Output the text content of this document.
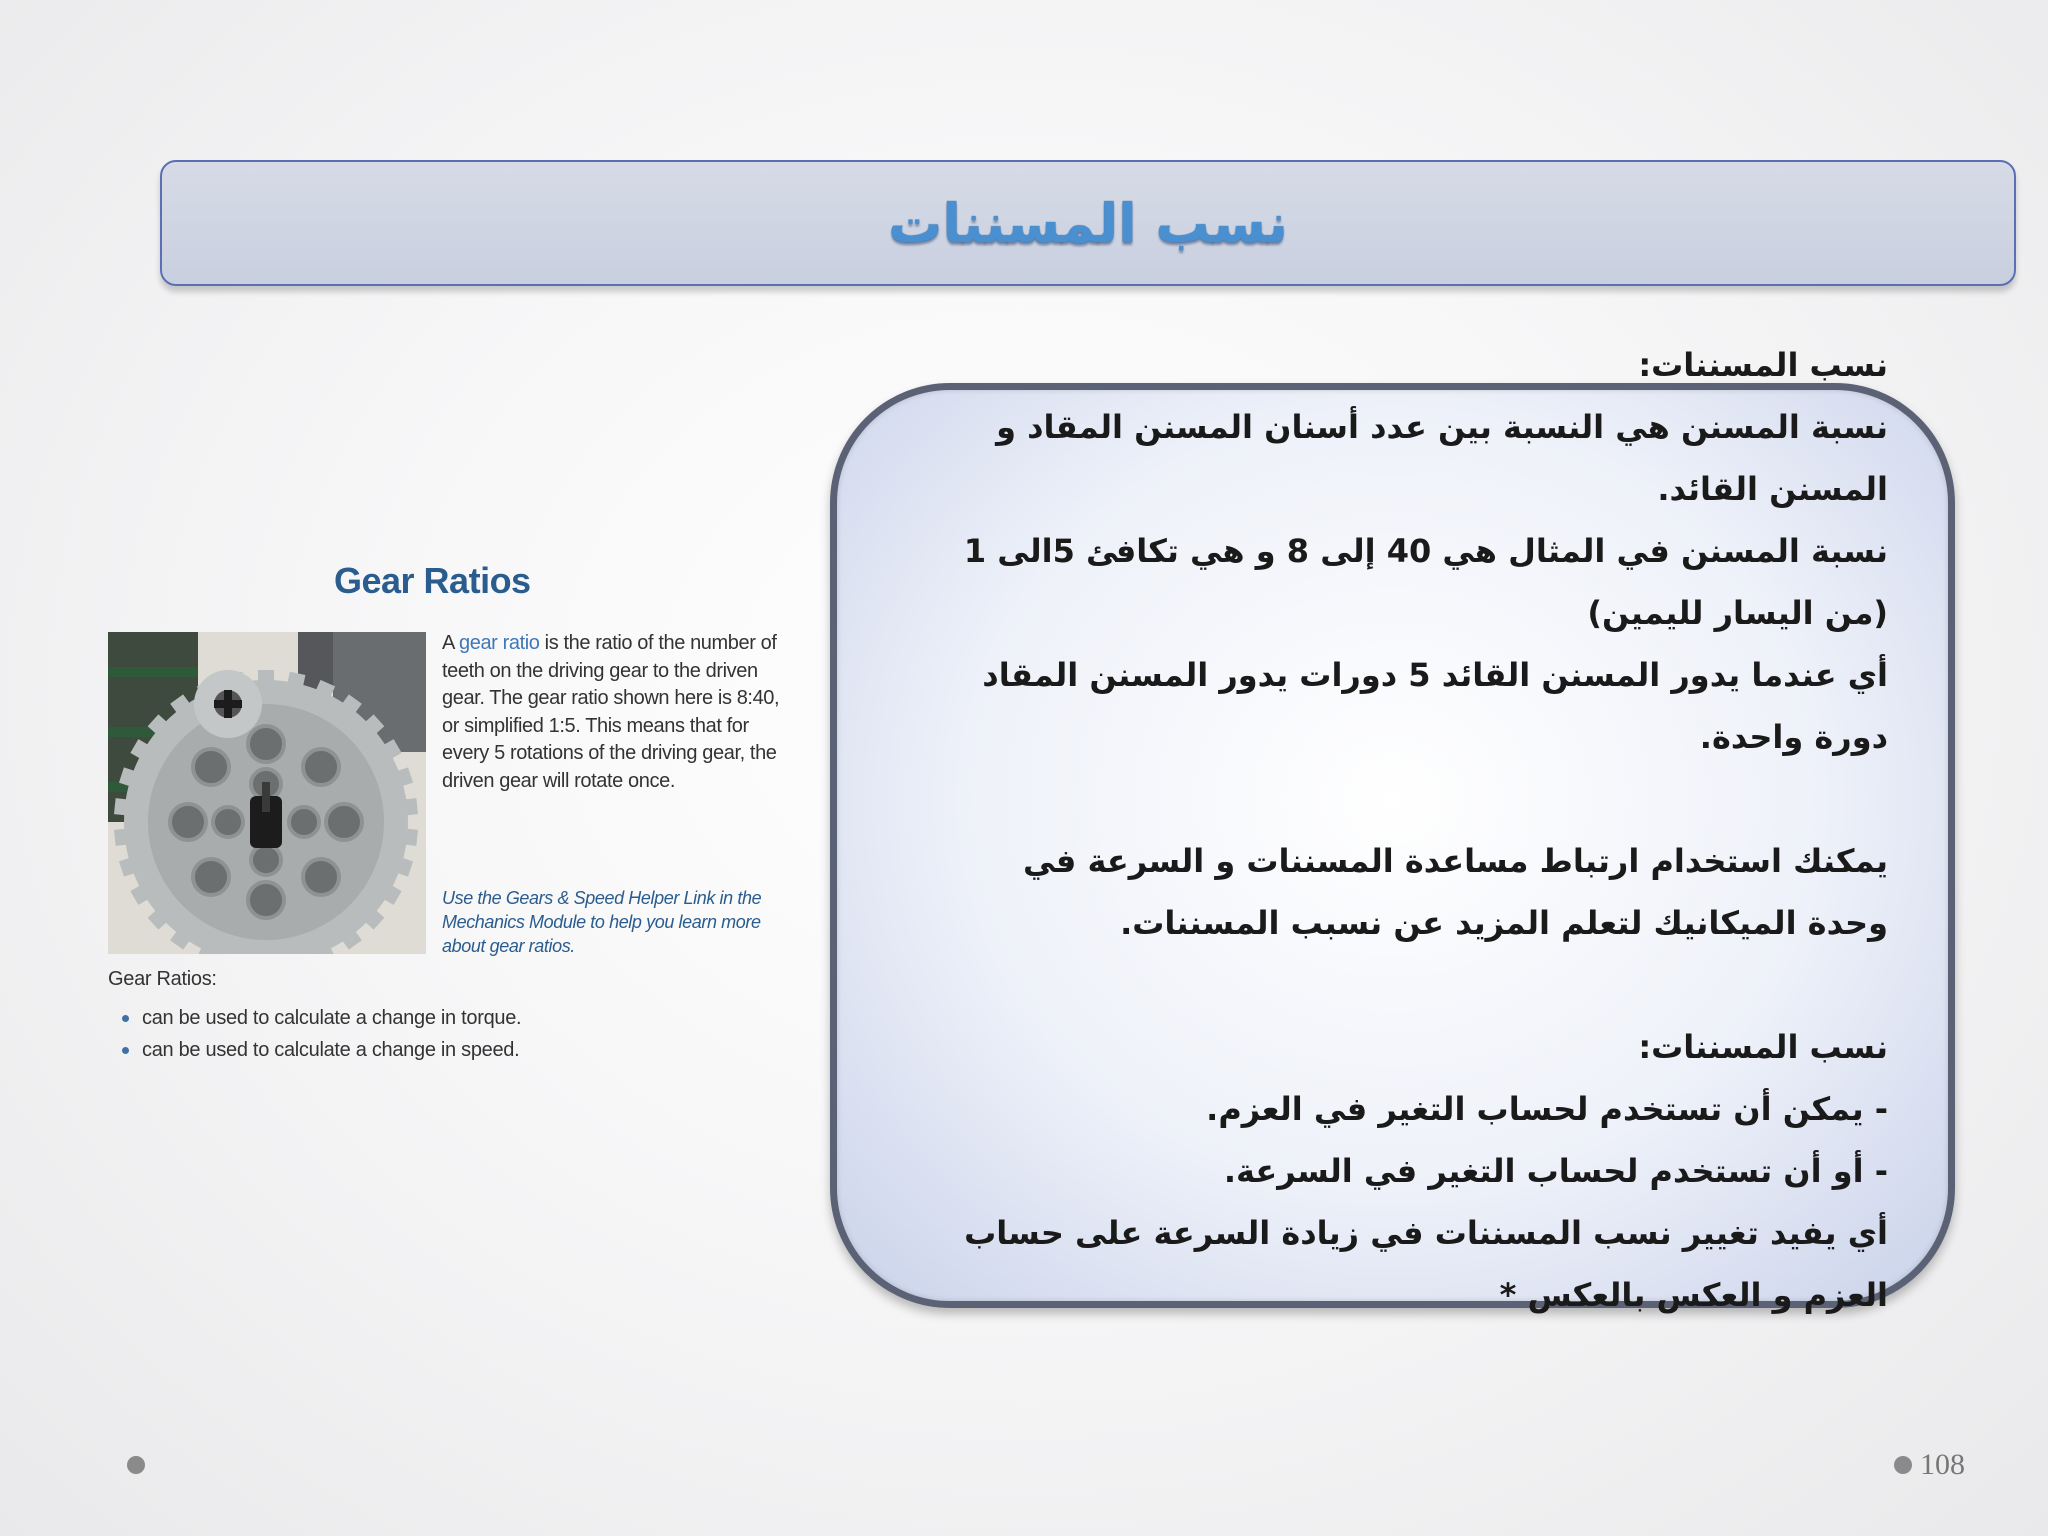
نسب المسننات

نسب المسننات:

نسبة المسنن هي النسبة بين عدد أسنان المسنن المقاد و المسنن القائد.

نسبة المسنن في المثال هي 40 إلى 8 و هي تكافئ 5الى 1 (من اليسار لليمين)

أي عندما يدور المسنن القائد 5 دورات يدور المسنن المقاد دورة واحدة.

يمكنك استخدام ارتباط مساعدة المسننات و السرعة في وحدة الميكانيك لتعلم المزيد عن نسبب المسننات.

نسب المسننات:

- يمكن أن تستخدم لحساب التغير في العزم.

- أو أن تستخدم لحساب التغير في السرعة.

أي يفيد تغيير نسب المسننات في زيادة السرعة على حساب العزم و العكس بالعكس *

Gear Ratios
A gear ratio is the ratio of the number of teeth on the driving gear to the driven gear. The gear ratio shown here is 8:40, or simplified 1:5. This means that for every 5 rotations of the driving gear, the driven gear will rotate once.
Use the Gears & Speed Helper Link in the Mechanics Module to help you learn more about gear ratios.
Gear Ratios:
can be used to calculate a change in torque.
can be used to calculate a change in speed.
108
